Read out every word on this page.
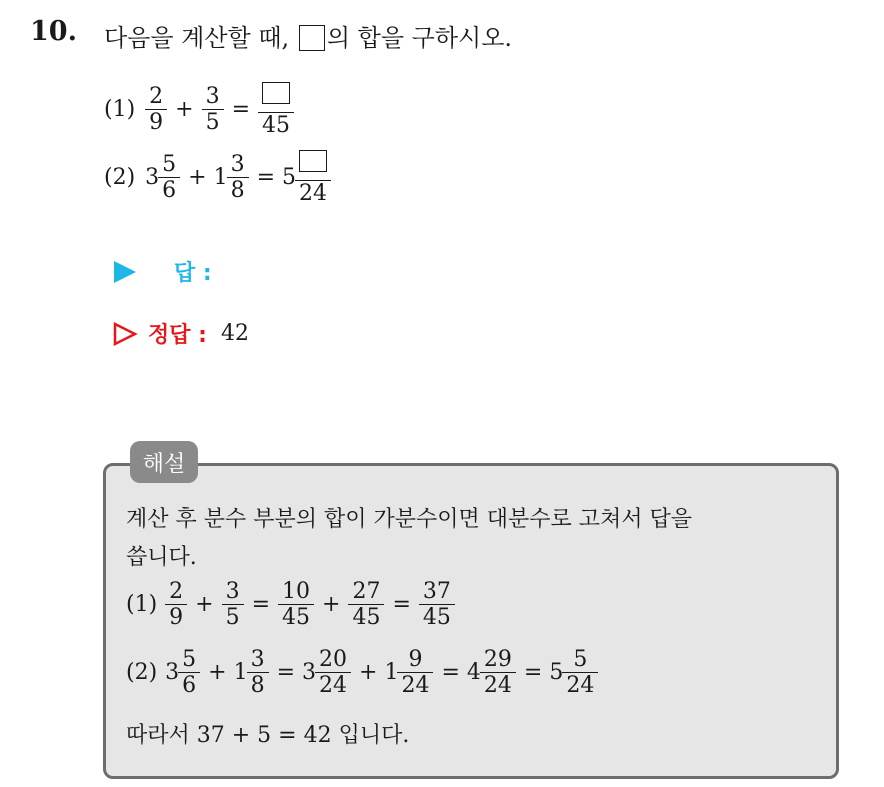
10. 다음을 계산할 때, 의 합을 구하시오.
$(1) \frac{2}{9} + \frac{3}{5}$ =
45
(2) $3 \frac{5}{6} + 1 \frac{3}{8} = 5$
24
답 :
정답 : 42
해설
계산 후 분수 부분의 합이 가분수이면 대분수로 고쳐서 답을
씁니다.
$(1) \frac{2}{9} + \frac{3}{5} = \frac{10}{45} + \frac{27}{45} = \frac{37}{45}$
(2) $3 \frac{5}{6} + 1 \frac{3}{8} = 3 \frac{20}{24} + 1 \frac{9}{24} = 4 \frac{29}{24} = 5 \frac{5}{24}$
따라서 37 + 5 = 42 입니다.
